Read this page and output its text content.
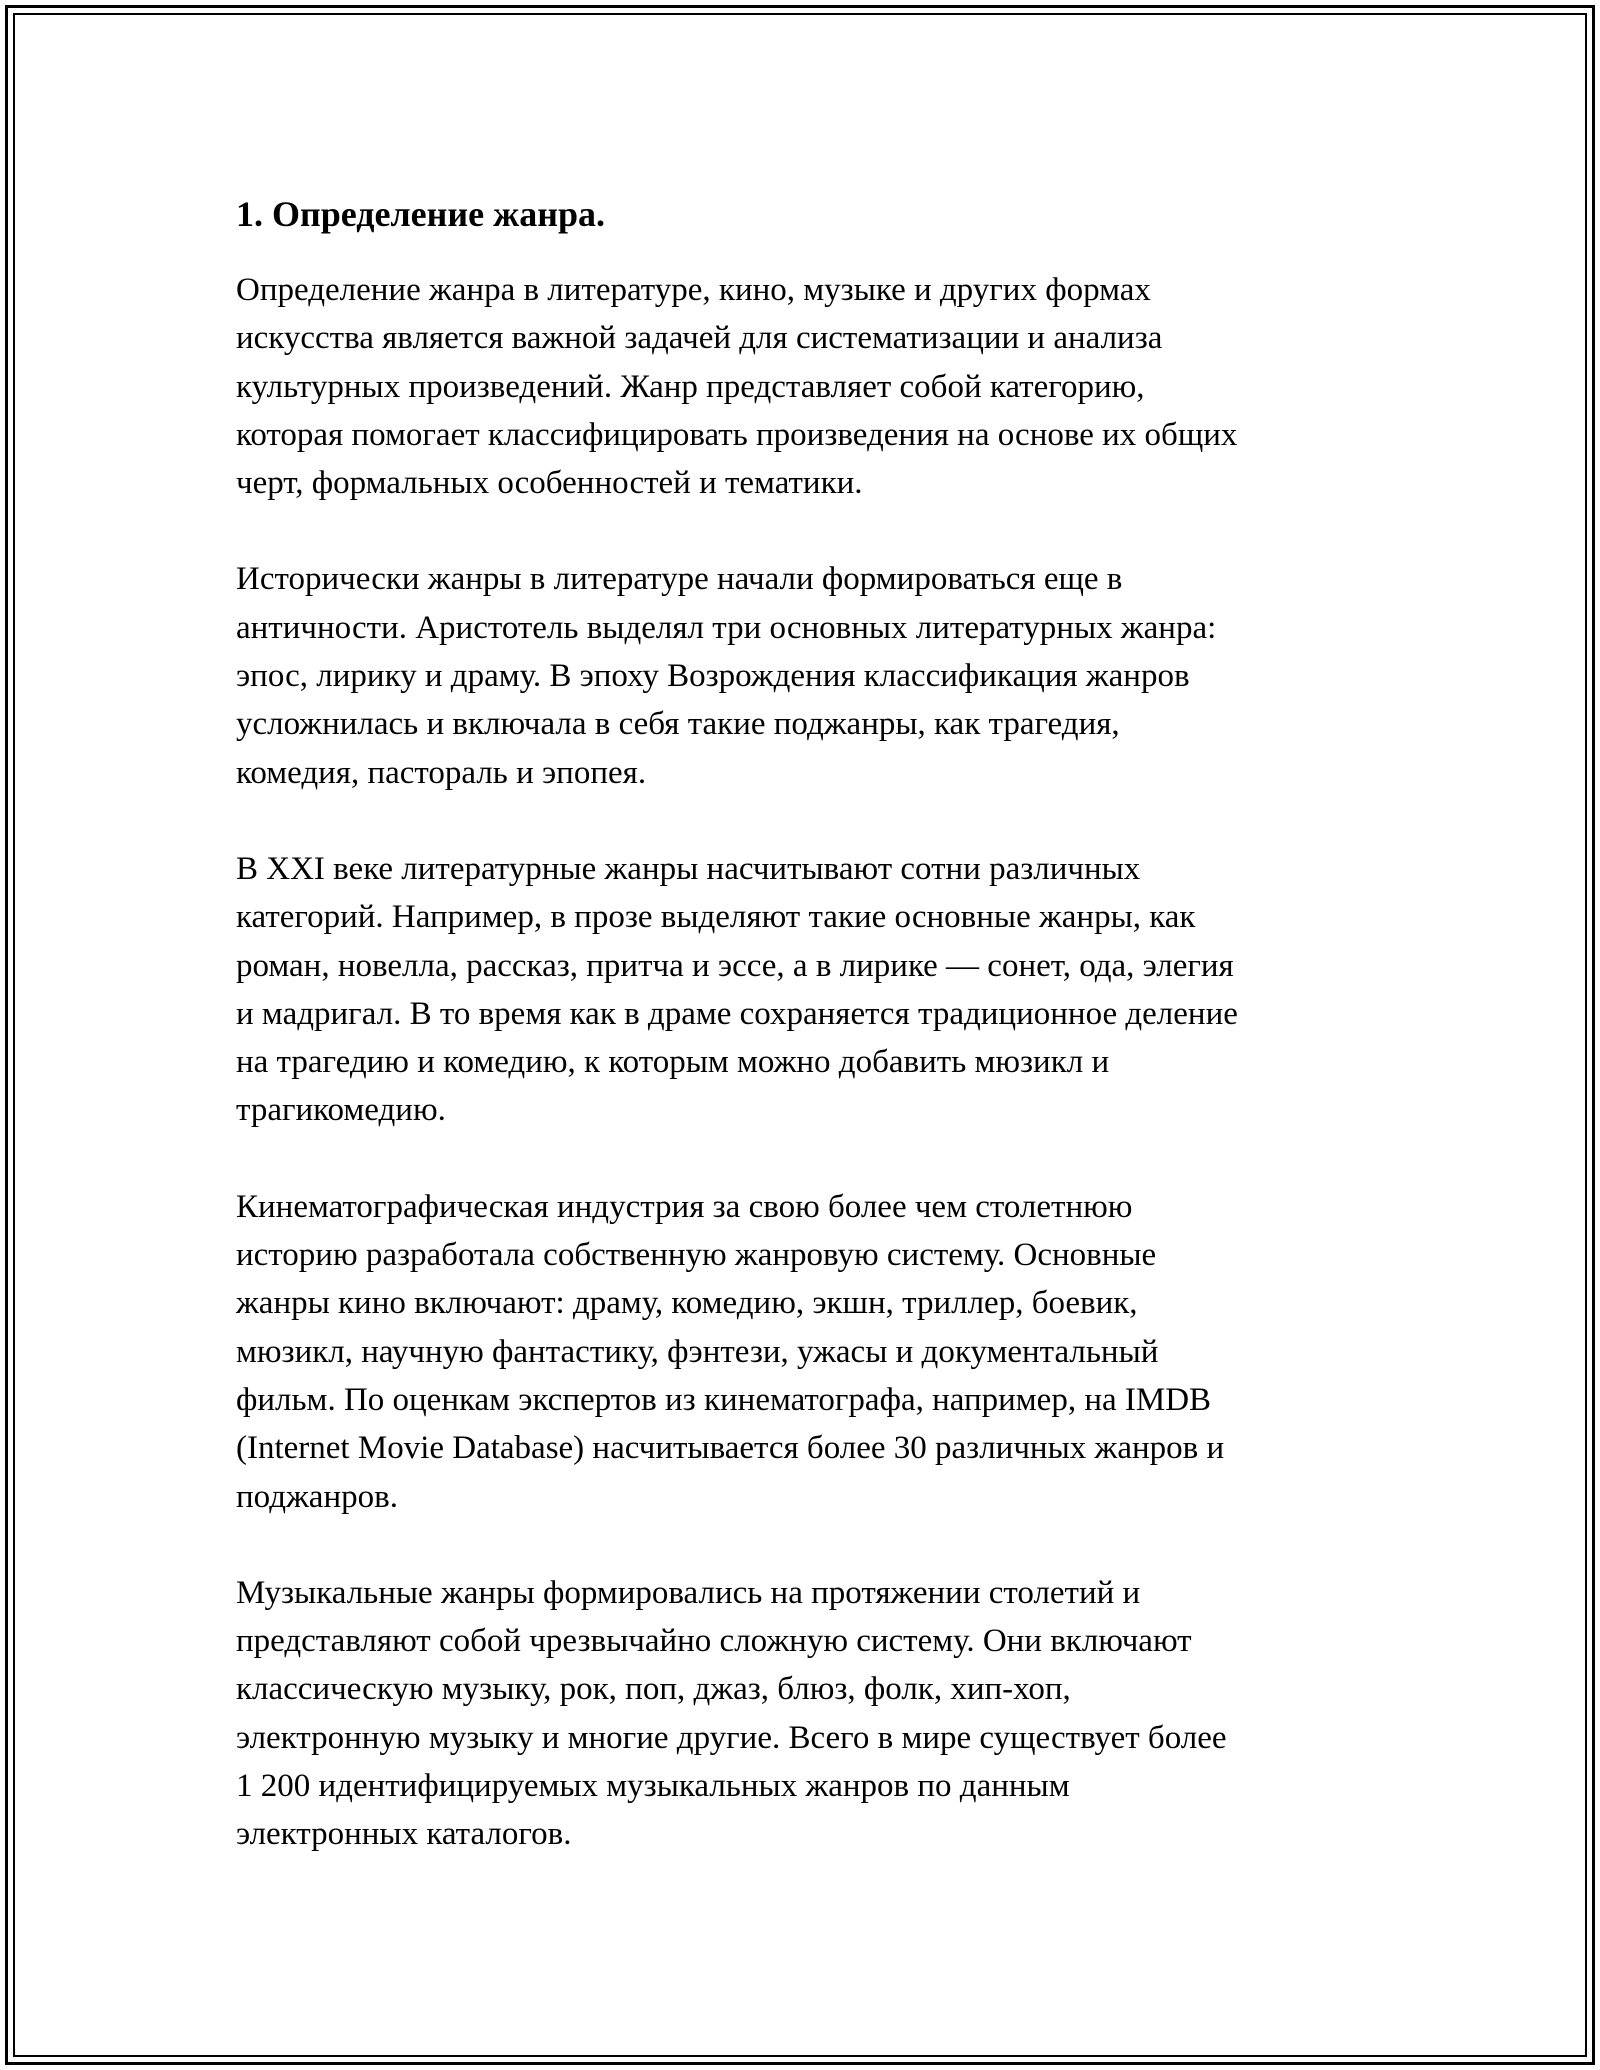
1. Определение жанра.

Определение жанра в литературе, кино, музыке и других формах
искусства является важной задачей для систематизации и анализа
культурных произведений. Жанр представляет собой категорию,
которая помогает классифицировать произведения на основе их общих
черт, формальных особенностей и тематики.

Исторически жанры в литературе начали формироваться еще в
античности. Аристотель выделял три основных литературных жанра:
эпос, лирику и драму. В эпоху Возрождения классификация жанров
усложнилась и включала в себя такие поджанры, как трагедия,
комедия, пастораль и эпопея.

В XXI веке литературные жанры насчитывают сотни различных
категорий. Например, в прозе выделяют такие основные жанры, как
роман, новелла, рассказ, притча и эссе, а в лирике — сонет, ода, элегия
и мадригал. В то время как в драме сохраняется традиционное деление
на трагедию и комедию, к которым можно добавить мюзикл и
трагикомедию.

Кинематографическая индустрия за свою более чем столетнюю
историю разработала собственную жанровую систему. Основные
жанры кино включают: драму, комедию, экшн, триллер, боевик,
мюзикл, научную фантастику, фэнтези, ужасы и документальный
фильм. По оценкам экспертов из кинематографа, например, на IMDB
(Internet Movie Database) насчитывается более 30 различных жанров и
поджанров.

Музыкальные жанры формировались на протяжении столетий и
представляют собой чрезвычайно сложную систему. Они включают
классическую музыку, рок, поп, джаз, блюз, фолк, хип-хоп,
электронную музыку и многие другие. Всего в мире существует более
1 200 идентифицируемых музыкальных жанров по данным
электронных каталогов.
